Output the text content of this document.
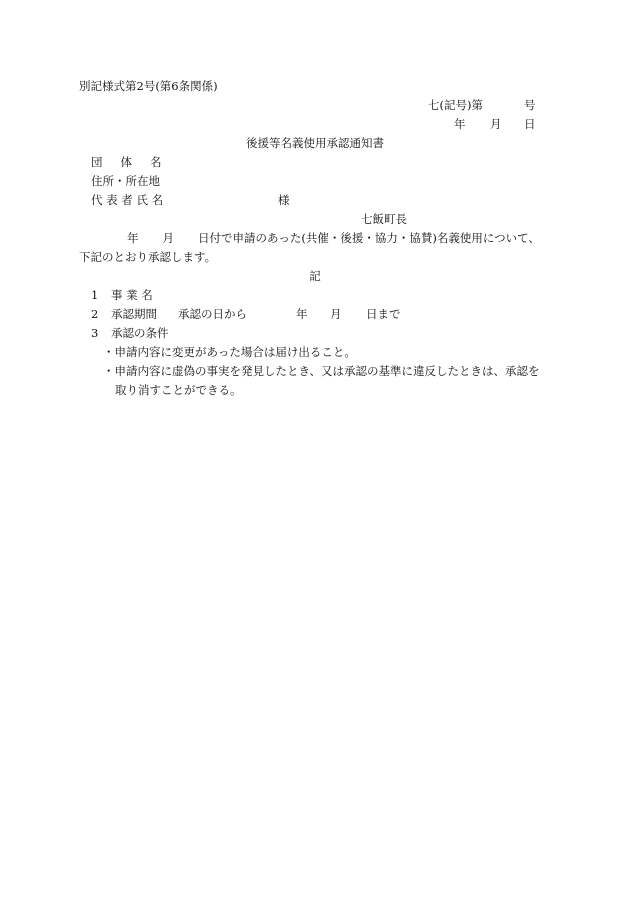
別記様式第2号(第6条関係)
七(記号)第	号
年 月 日
後援等名義使用承認通知書
団 体 名
住所・所在地
代 表 者 氏 名	様
七飯町長
年 月 日付で申請のあった(共催・後援・協力・協賛)名義使用について、
下記のとおり承認します。
記
1 事 業 名
2 承認期間 承認の日から	年 月 日まで
3 承認の条件
・申請内容に変更があった場合は届け出ること。
・申請内容に虚偽の事実を発見したとき、又は承認の基準に違反したときは、承認を
取り消すことができる。
